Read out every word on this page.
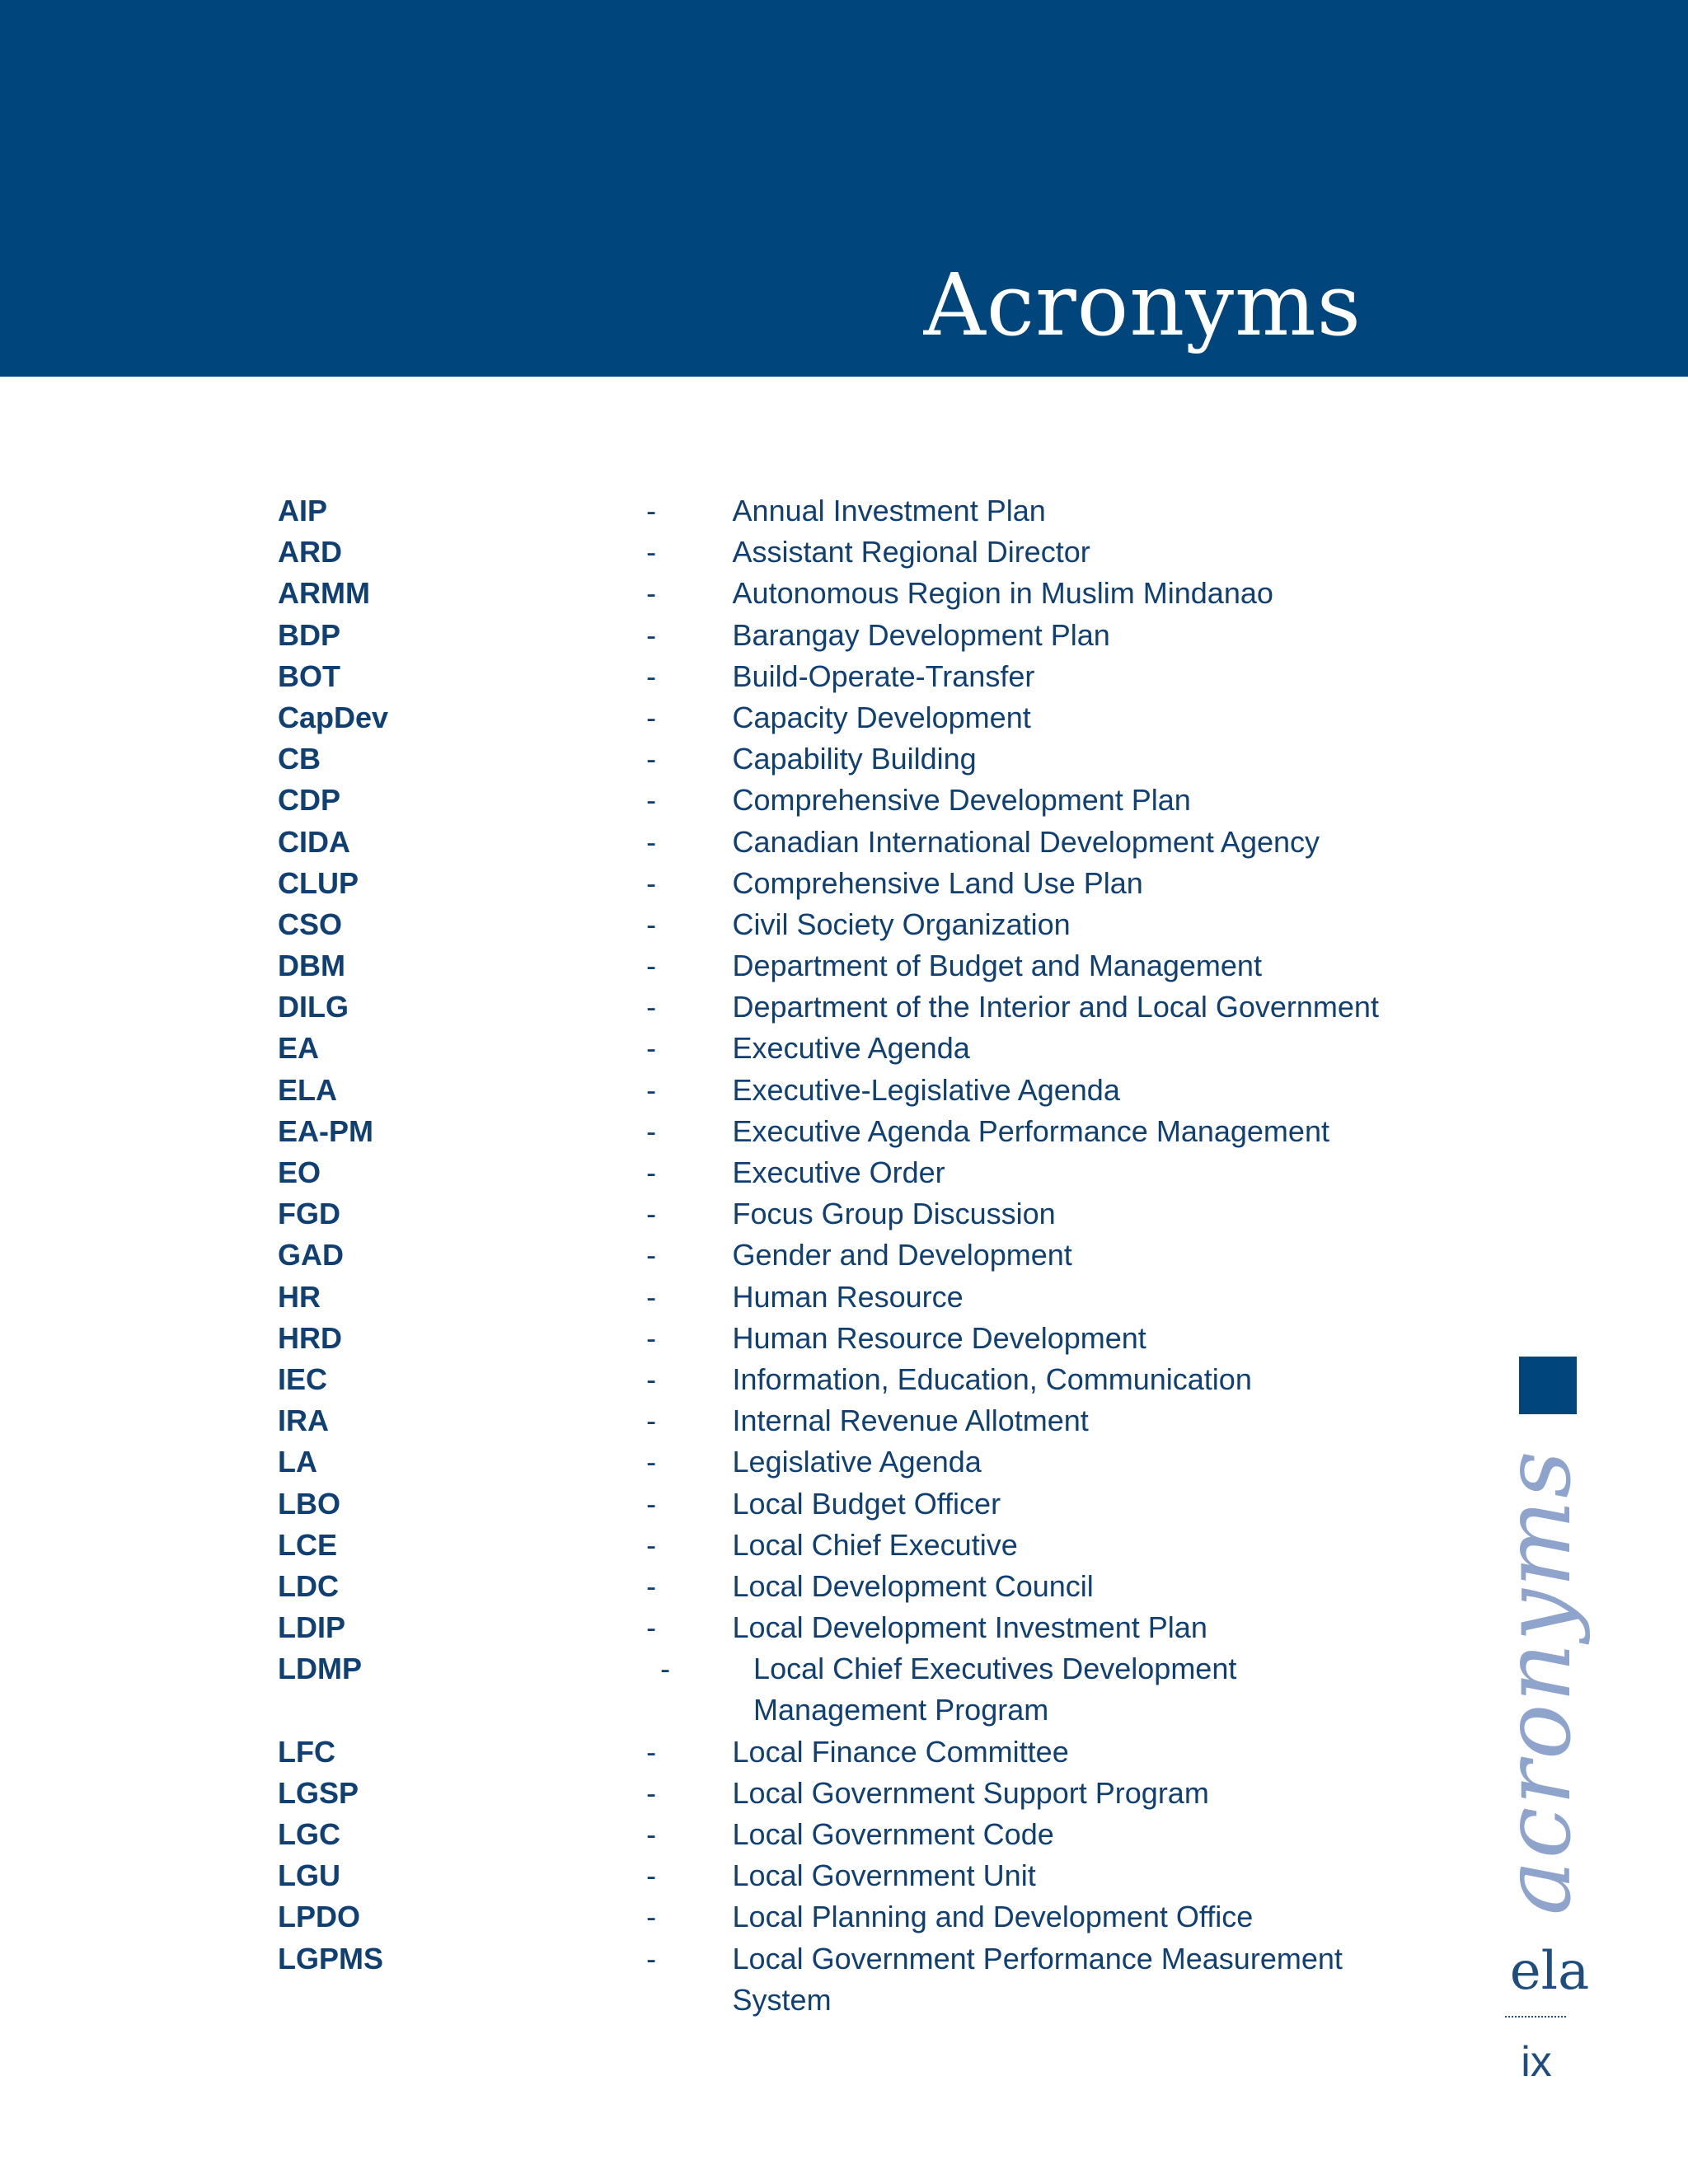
Acronyms
AIP	-	Annual Investment Plan
ARD	-	Assistant Regional Director
ARMM	-	Autonomous Region in Muslim Mindanao
BDP	-	Barangay Development Plan
BOT	-	Build-Operate-Transfer
CapDev	-	Capacity Development
CB	-	Capability Building
CDP	-	Comprehensive Development Plan
CIDA	-	Canadian International Development Agency
CLUP	-	Comprehensive Land Use Plan
CSO	-	Civil Society Organization
DBM	-	Department of Budget and Management
DILG	-	Department of the Interior and Local Government
EA	-	Executive Agenda
ELA	-	Executive-Legislative Agenda
EA-PM	-	Executive Agenda Performance Management
EO	-	Executive Order
FGD	-	Focus Group Discussion
GAD	-	Gender and Development
HR	-	Human Resource
HRD	-	Human Resource Development
IEC	-	Information, Education, Communication
IRA	-	Internal Revenue Allotment
LA	-	Legislative Agenda
LBO	-	Local Budget Officer
LCE	-	Local Chief Executive
LDC	-	Local Development Council
LDIP	-	Local Development Investment Plan
LDMP	-	Local Chief Executives Development Management Program
LFC	-	Local Finance Committee
LGSP	-	Local Government Support Program
LGC	-	Local Government Code
LGU	-	Local Government Unit
LPDO	-	Local Planning and Development Office
LGPMS	-	Local Government Performance Measurement System
acronyms
ela
ix
